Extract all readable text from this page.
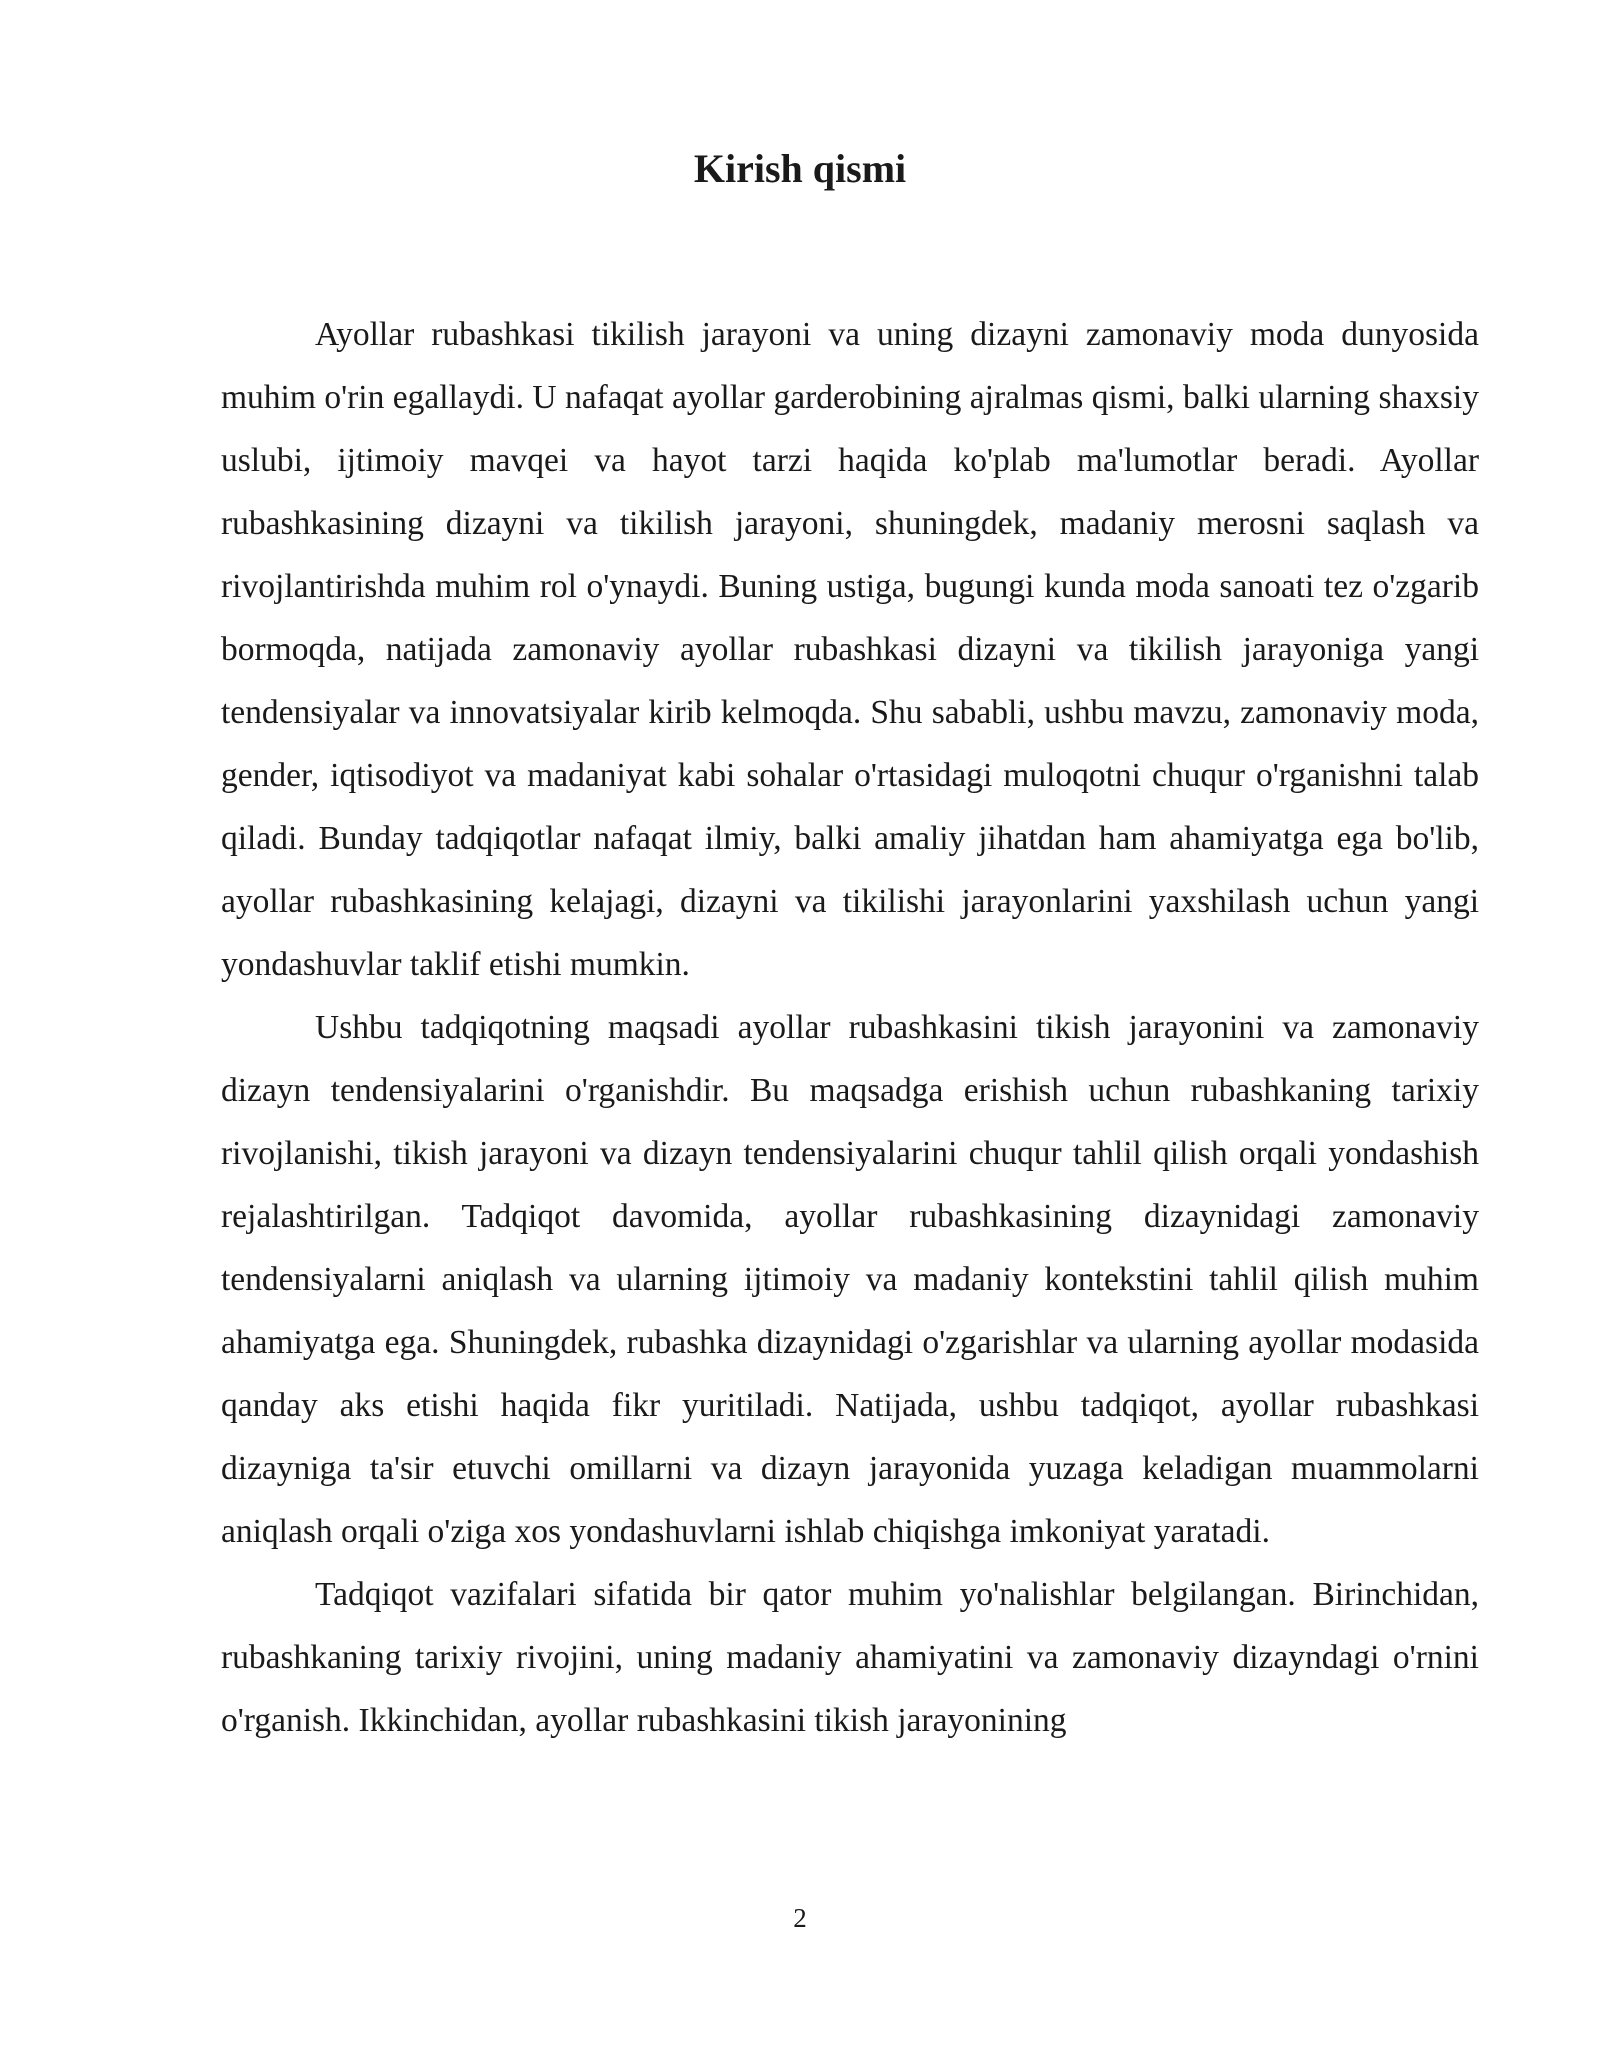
Kirish qismi

Ayollar rubashkasi tikilish jarayoni va uning dizayni zamonaviy moda dunyosida muhim o'rin egallaydi. U nafaqat ayollar garderobining ajralmas qismi, balki ularning shaxsiy uslubi, ijtimoiy mavqei va hayot tarzi haqida ko'plab ma'lumotlar beradi. Ayollar rubashkasining dizayni va tikilish jarayoni, shuningdek, madaniy merosni saqlash va rivojlantirishda muhim rol o'ynaydi. Buning ustiga, bugungi kunda moda sanoati tez o'zgarib bormoqda, natijada zamonaviy ayollar rubashkasi dizayni va tikilish jarayoniga yangi tendensiyalar va innovatsiyalar kirib kelmoqda. Shu sababli, ushbu mavzu, zamonaviy moda, gender, iqtisodiyot va madaniyat kabi sohalar o'rtasidagi muloqotni chuqur o'rganishni talab qiladi. Bunday tadqiqotlar nafaqat ilmiy, balki amaliy jihatdan ham ahamiyatga ega bo'lib, ayollar rubashkasining kelajagi, dizayni va tikilishi jarayonlarini yaxshilash uchun yangi yondashuvlar taklif etishi mumkin.

Ushbu tadqiqotning maqsadi ayollar rubashkasini tikish jarayonini va zamonaviy dizayn tendensiyalarini o'rganishdir. Bu maqsadga erishish uchun rubashkaning tarixiy rivojlanishi, tikish jarayoni va dizayn tendensiyalarini chuqur tahlil qilish orqali yondashish rejalashtirilgan. Tadqiqot davomida, ayollar rubashkasining dizaynidagi zamonaviy tendensiyalarni aniqlash va ularning ijtimoiy va madaniy kontekstini tahlil qilish muhim ahamiyatga ega. Shuningdek, rubashka dizaynidagi o'zgarishlar va ularning ayollar modasida qanday aks etishi haqida fikr yuritiladi. Natijada, ushbu tadqiqot, ayollar rubashkasi dizayniga ta'sir etuvchi omillarni va dizayn jarayonida yuzaga keladigan muammolarni aniqlash orqali o'ziga xos yondashuvlarni ishlab chiqishga imkoniyat yaratadi.

Tadqiqot vazifalari sifatida bir qator muhim yo'nalishlar belgilangan. Birinchidan, rubashkaning tarixiy rivojini, uning madaniy ahamiyatini va zamonaviy dizayndagi o'rnini o'rganish. Ikkinchidan, ayollar rubashkasini tikish jarayonining

2
